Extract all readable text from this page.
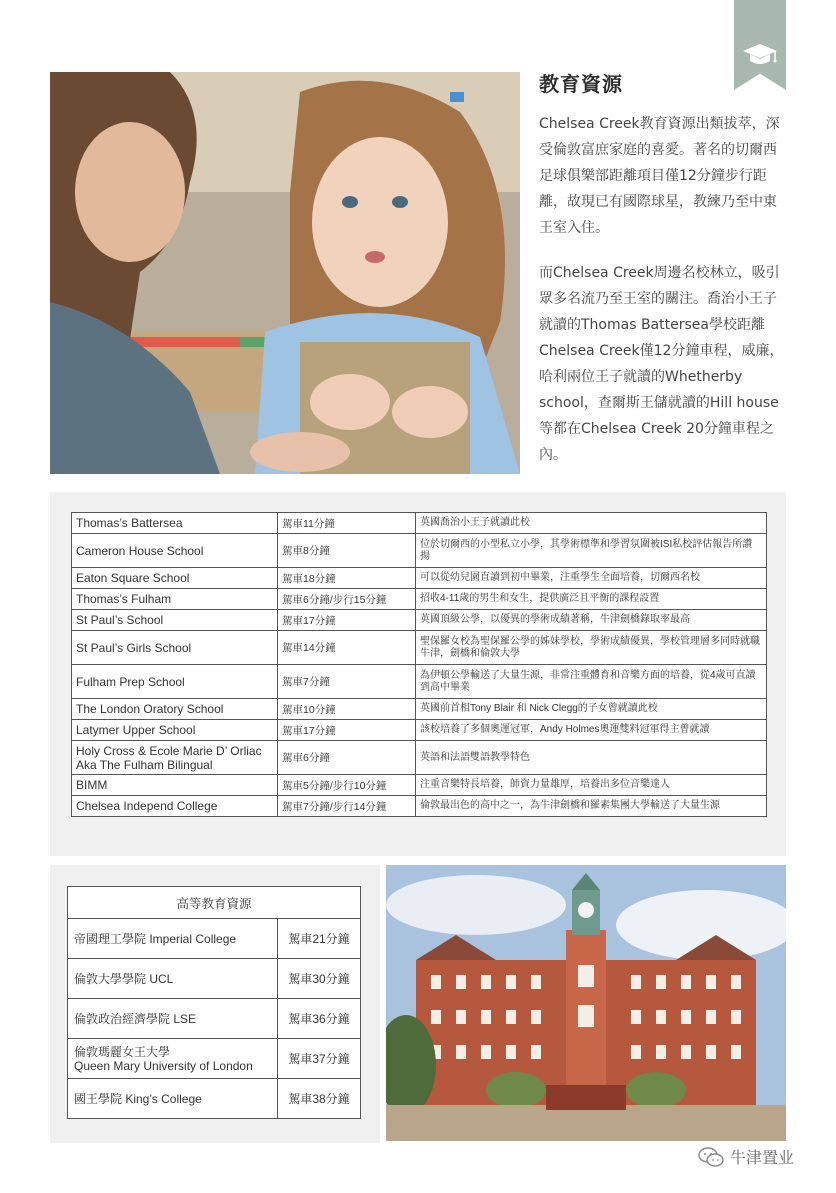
教育資源
Chelsea Creek教育資源出類拔萃，深受倫敦富庶家庭的喜愛。著名的切爾西足球俱樂部距離項目僅12分鐘步行距離，故現已有國際球星，教練乃至中東王室入住。
而Chelsea Creek周邊名校林立，吸引眾多名流乃至王室的關注。喬治小王子就讀的Thomas Battersea學校距離Chelsea Creek僅12分鐘車程，威廉，哈利兩位王子就讀的Whetherby school，查爾斯王儲就讀的Hill house等都在Chelsea Creek 20分鐘車程之內。
Thomas’s Battersea	駕車11分鐘	英國喬治小王子就讀此校
Cameron House School	駕車8分鐘	位於切爾西的小型私立小學，其學術標準和學習氛圍被ISI私校評估報告所讚揚
Eaton Square School	駕車18分鐘	可以從幼兒園直讀到初中畢業，注重學生全面培養，切爾西名校
Thomas’s Fulham	駕車6分鐘/步行15分鐘	招收4-11歲的男生和女生，提供廣泛且平衡的課程設置
St Paul’s School	駕車17分鐘	英國頂級公學，以優異的學術成績著稱，牛津劍橋錄取率最高
St Paul’s Girls School	駕車14分鐘	聖保羅女校為聖保羅公學的姊妹學校，學術成績優異，學校管理層多同時就職牛津，劍橋和倫敦大學
Fulham Prep School	駕車7分鐘	為伊頓公學輸送了大量生源，非常注重體育和音樂方面的培養，從4歲可直讀到高中畢業
The London Oratory School	駕車10分鐘	英國前首相Tony Blair 和 Nick Clegg的子女曾就讀此校
Latymer Upper School	駕車17分鐘	該校培養了多個奧運冠軍，Andy Holmes奧運雙料冠軍得主曾就讀
Holy Cross & Ecole Marie D’ Orliac Aka The Fulham Bilingual	駕車6分鐘	英語和法語雙語教學特色
BIMM	駕車5分鐘/步行10分鐘	注重音樂特長培養，師資力量雄厚，培養出多位音樂達人
Chelsea Independ College	駕車7分鐘/步行14分鐘	倫敦最出色的高中之一，為牛津劍橋和羅素集團大學輸送了大量生源
高等教育資源	
帝國理工學院 Imperial College	駕車21分鐘
倫敦大學學院 UCL	駕車30分鐘
倫敦政治經濟學院 LSE	駕車36分鐘

倫敦瑪麗女王大學
Queen Mary University of London	駕車37分鐘
國王學院 King’s College	駕車38分鐘
牛津置业
